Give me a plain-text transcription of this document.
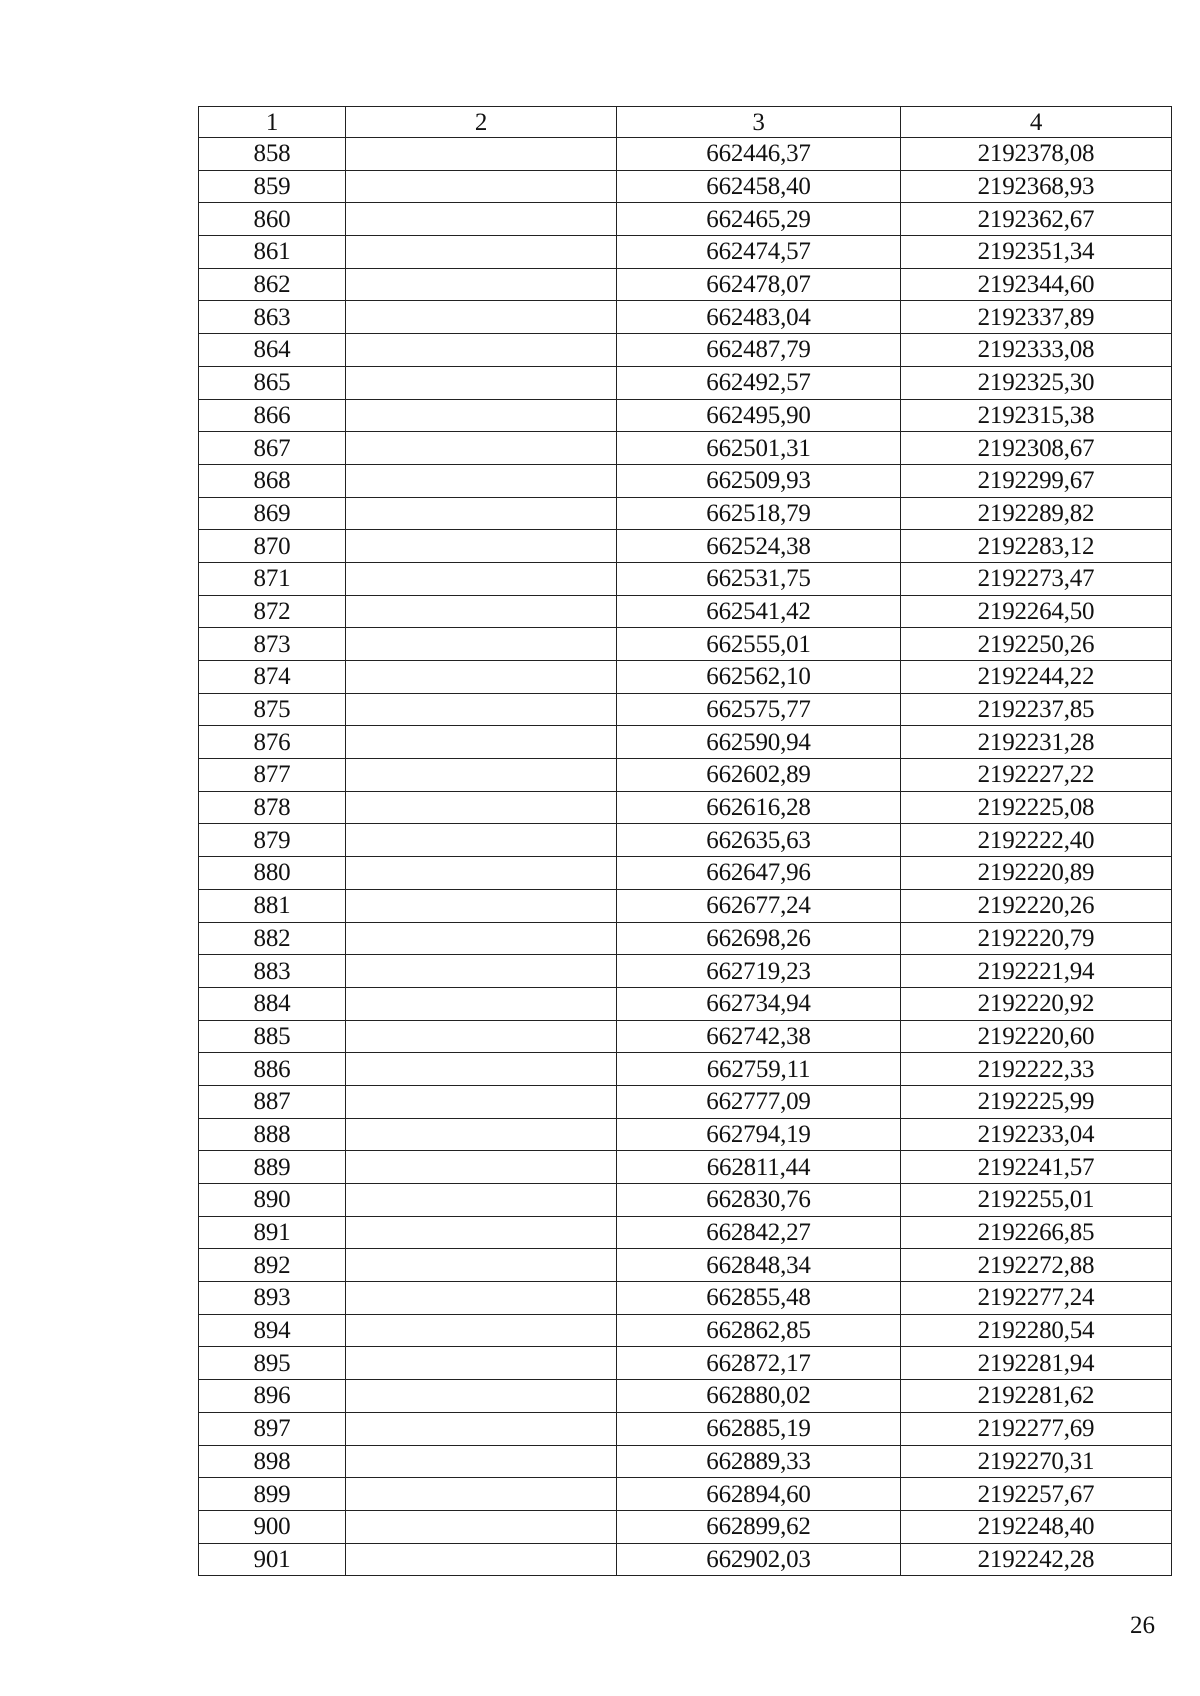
1	2	3	4
858		662446,37	2192378,08
859		662458,40	2192368,93
860		662465,29	2192362,67
861		662474,57	2192351,34
862		662478,07	2192344,60
863		662483,04	2192337,89
864		662487,79	2192333,08
865		662492,57	2192325,30
866		662495,90	2192315,38
867		662501,31	2192308,67
868		662509,93	2192299,67
869		662518,79	2192289,82
870		662524,38	2192283,12
871		662531,75	2192273,47
872		662541,42	2192264,50
873		662555,01	2192250,26
874		662562,10	2192244,22
875		662575,77	2192237,85
876		662590,94	2192231,28
877		662602,89	2192227,22
878		662616,28	2192225,08
879		662635,63	2192222,40
880		662647,96	2192220,89
881		662677,24	2192220,26
882		662698,26	2192220,79
883		662719,23	2192221,94
884		662734,94	2192220,92
885		662742,38	2192220,60
886		662759,11	2192222,33
887		662777,09	2192225,99
888		662794,19	2192233,04
889		662811,44	2192241,57
890		662830,76	2192255,01
891		662842,27	2192266,85
892		662848,34	2192272,88
893		662855,48	2192277,24
894		662862,85	2192280,54
895		662872,17	2192281,94
896		662880,02	2192281,62
897		662885,19	2192277,69
898		662889,33	2192270,31
899		662894,60	2192257,67
900		662899,62	2192248,40
901		662902,03	2192242,28
26
